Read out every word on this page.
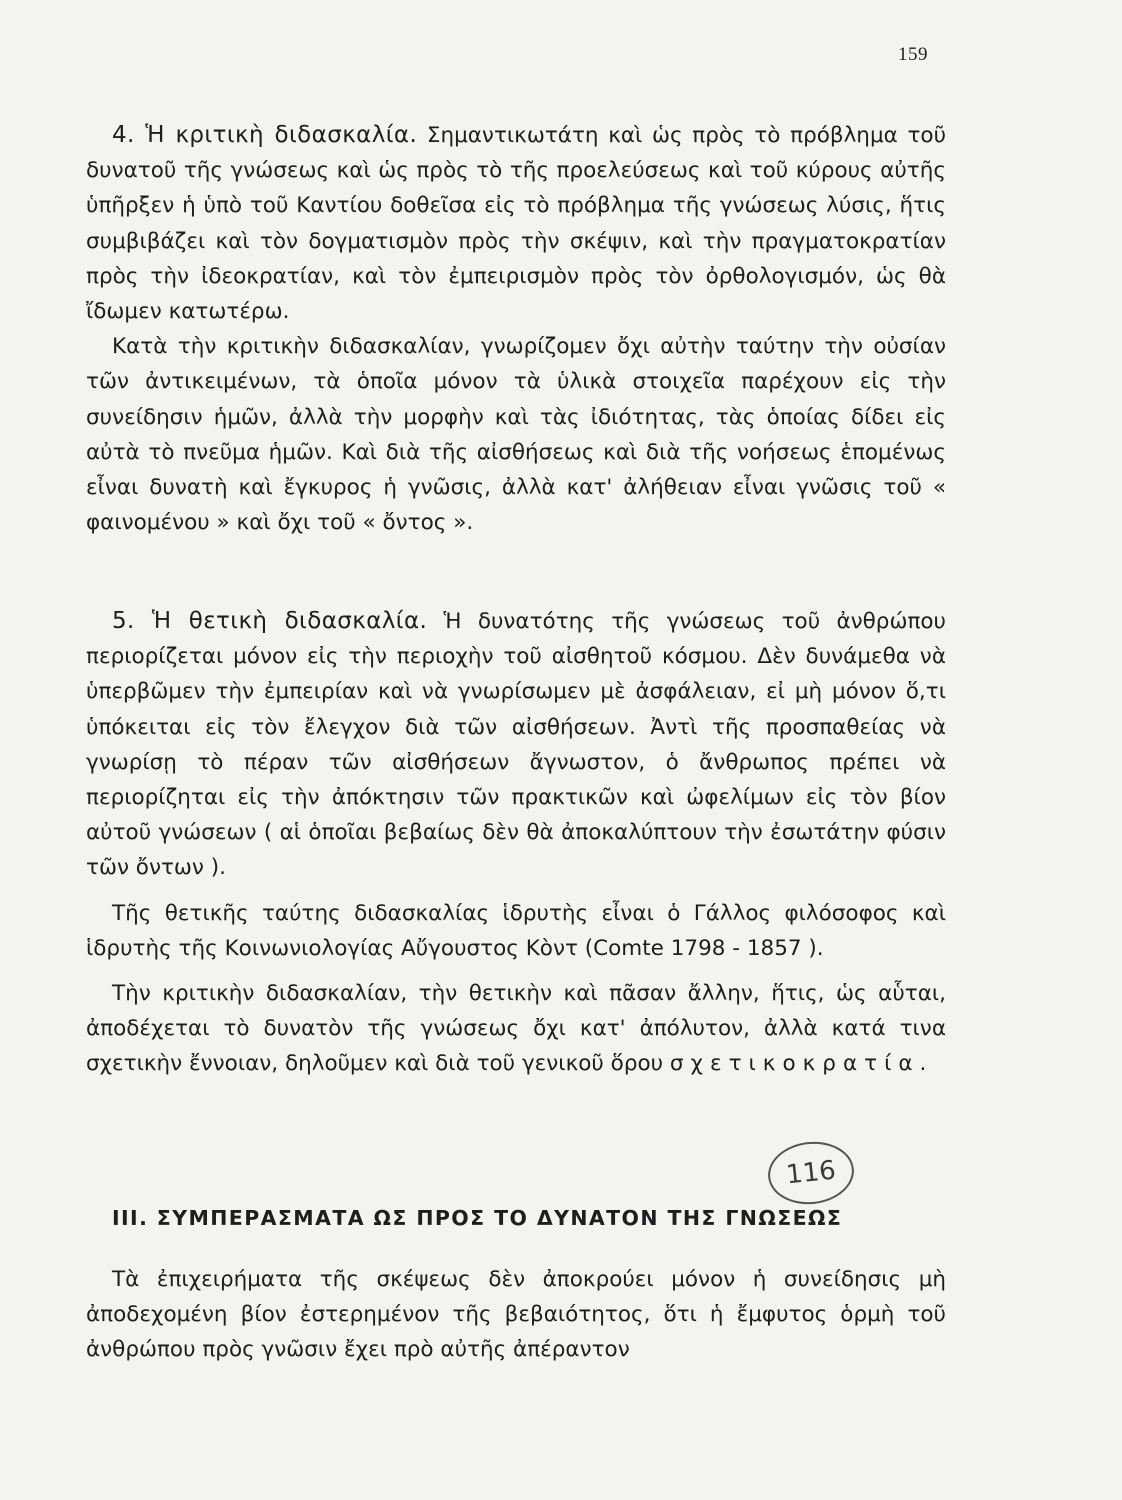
159

4. Ἡ κριτικὴ διδασκαλία. Σημαντικωτάτη καὶ ὡς πρὸς τὸ πρόβλημα τοῦ δυνατοῦ τῆς γνώσεως καὶ ὡς πρὸς τὸ τῆς προελεύσεως καὶ τοῦ κύρους αὐτῆς ὑπῆρξεν ἡ ὑπὸ τοῦ Καντίου δοθεῖσα εἰς τὸ πρόβλημα τῆς γνώσεως λύσις, ἥτις συμβιβάζει καὶ τὸν δογματισμὸν πρὸς τὴν σκέψιν, καὶ τὴν πραγματοκρατίαν πρὸς τὴν ἰδεοκρατίαν, καὶ τὸν ἐμπειρισμὸν πρὸς τὸν ὀρθολογισμόν, ὡς θὰ ἴδωμεν κατωτέρω.

Κατὰ τὴν κριτικὴν διδασκαλίαν, γνωρίζομεν ὄχι αὐτὴν ταύτην τὴν οὐσίαν τῶν ἀντικειμένων, τὰ ὁποῖα μόνον τὰ ὑλικὰ στοιχεῖα παρέχουν εἰς τὴν συνείδησιν ἡμῶν, ἀλλὰ τὴν μορφὴν καὶ τὰς ἰδιότητας, τὰς ὁποίας δίδει εἰς αὐτὰ τὸ πνεῦμα ἡμῶν. Καὶ διὰ τῆς αἰσθήσεως καὶ διὰ τῆς νοήσεως ἑπομένως εἶναι δυνατὴ καὶ ἔγκυρος ἡ γνῶσις, ἀλλὰ κατ' ἀλήθειαν εἶναι γνῶσις τοῦ « φαινομένου » καὶ ὄχι τοῦ « ὄντος ».

5. Ἡ θετικὴ διδασκαλία. Ἡ δυνατότης τῆς γνώσεως τοῦ ἀνθρώπου περιορίζεται μόνον εἰς τὴν περιοχὴν τοῦ αἰσθητοῦ κόσμου. Δὲν δυνάμεθα νὰ ὑπερβῶμεν τὴν ἐμπειρίαν καὶ νὰ γνωρίσωμεν μὲ ἀσφάλειαν, εἰ μὴ μόνον ὅ,τι ὑπόκειται εἰς τὸν ἔλεγχον διὰ τῶν αἰσθήσεων. Ἀντὶ τῆς προσπαθείας νὰ γνωρίσῃ τὸ πέραν τῶν αἰσθήσεων ἄγνωστον, ὁ ἄνθρωπος πρέπει νὰ περιορίζηται εἰς τὴν ἀπόκτησιν τῶν πρακτικῶν καὶ ὠφελίμων εἰς τὸν βίον αὐτοῦ γνώσεων ( αἱ ὁποῖαι βεβαίως δὲν θὰ ἀποκαλύπτουν τὴν ἐσωτάτην φύσιν τῶν ὄντων ).

Τῆς θετικῆς ταύτης διδασκαλίας ἱδρυτὴς εἶναι ὁ Γάλλος φιλόσοφος καὶ ἱδρυτὴς τῆς Κοινωνιολογίας Αὔγουστος Κὸντ (Comte 1798 - 1857 ).

Τὴν κριτικὴν διδασκαλίαν, τὴν θετικὴν καὶ πᾶσαν ἄλλην, ἥτις, ὡς αὗται, ἀποδέχεται τὸ δυνατὸν τῆς γνώσεως ὄχι κατ' ἀπόλυτον, ἀλλὰ κατά τινα σχετικὴν ἔννοιαν, δηλοῦμεν καὶ διὰ τοῦ γενικοῦ ὅρου σχετικοκρατία.

116
ΙΙΙ. ΣΥΜΠΕΡΑΣΜΑΤΑ ΩΣ ΠΡΟΣ ΤΟ ΔΥΝΑΤΟΝ ΤΗΣ ΓΝΩΣΕΩΣ

Τὰ ἐπιχειρήματα τῆς σκέψεως δὲν ἀποκρούει μόνον ἡ συνείδησις μὴ ἀποδεχομένη βίον ἐστερημένον τῆς βεβαιότητος, ὅτι ἡ ἔμφυτος ὁρμὴ τοῦ ἀνθρώπου πρὸς γνῶσιν ἔχει πρὸ αὐτῆς ἀπέραντον
